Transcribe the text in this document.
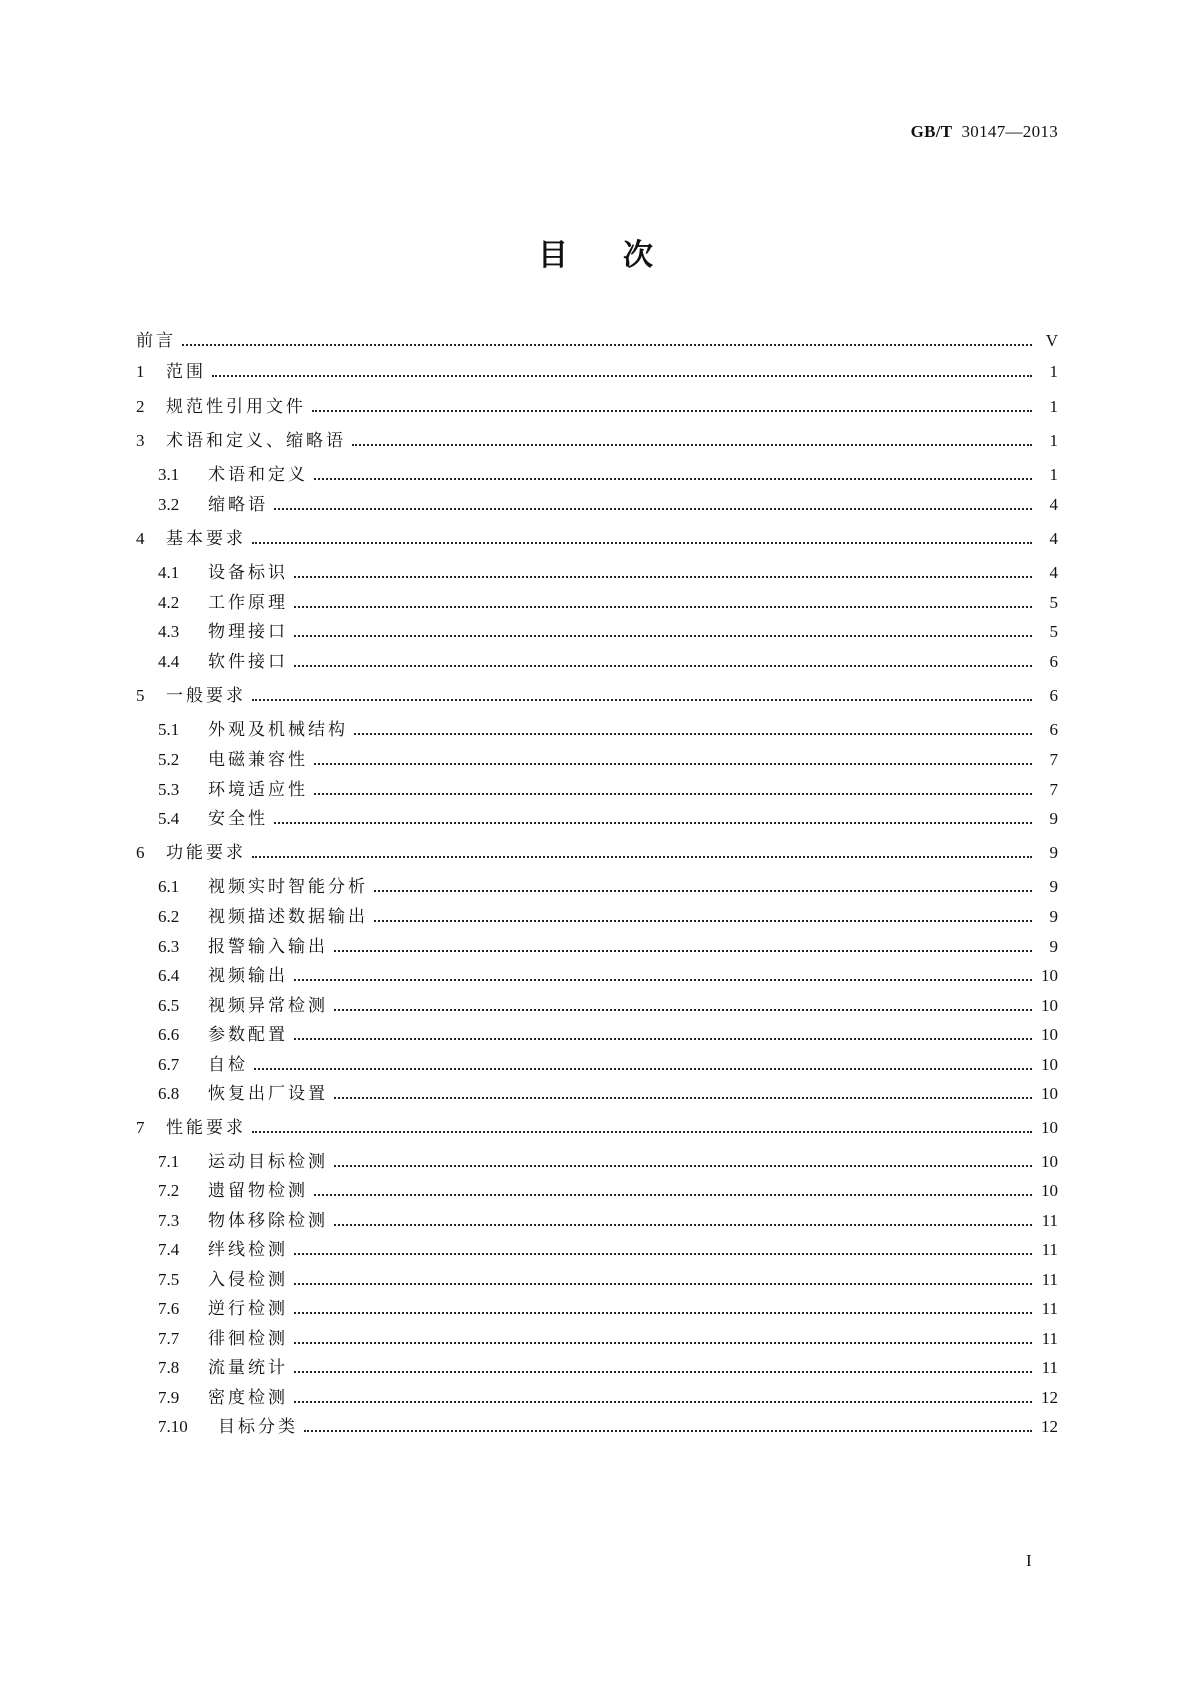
GB/T 30147—2013
目次
前言	V
1	范围	1
2	规范性引用文件	1
3	术语和定义、缩略语	1
3.1	术语和定义	1
3.2	缩略语	4
4	基本要求	4
4.1	设备标识	4
4.2	工作原理	5
4.3	物理接口	5
4.4	软件接口	6
5	一般要求	6
5.1	外观及机械结构	6
5.2	电磁兼容性	7
5.3	环境适应性	7
5.4	安全性	9
6	功能要求	9
6.1	视频实时智能分析	9
6.2	视频描述数据输出	9
6.3	报警输入输出	9
6.4	视频输出	10
6.5	视频异常检测	10
6.6	参数配置	10
6.7	自检	10
6.8	恢复出厂设置	10
7	性能要求	10
7.1	运动目标检测	10
7.2	遗留物检测	10
7.3	物体移除检测	11
7.4	绊线检测	11
7.5	入侵检测	11
7.6	逆行检测	11
7.7	徘徊检测	11
7.8	流量统计	11
7.9	密度检测	12
7.10	目标分类	12
I
